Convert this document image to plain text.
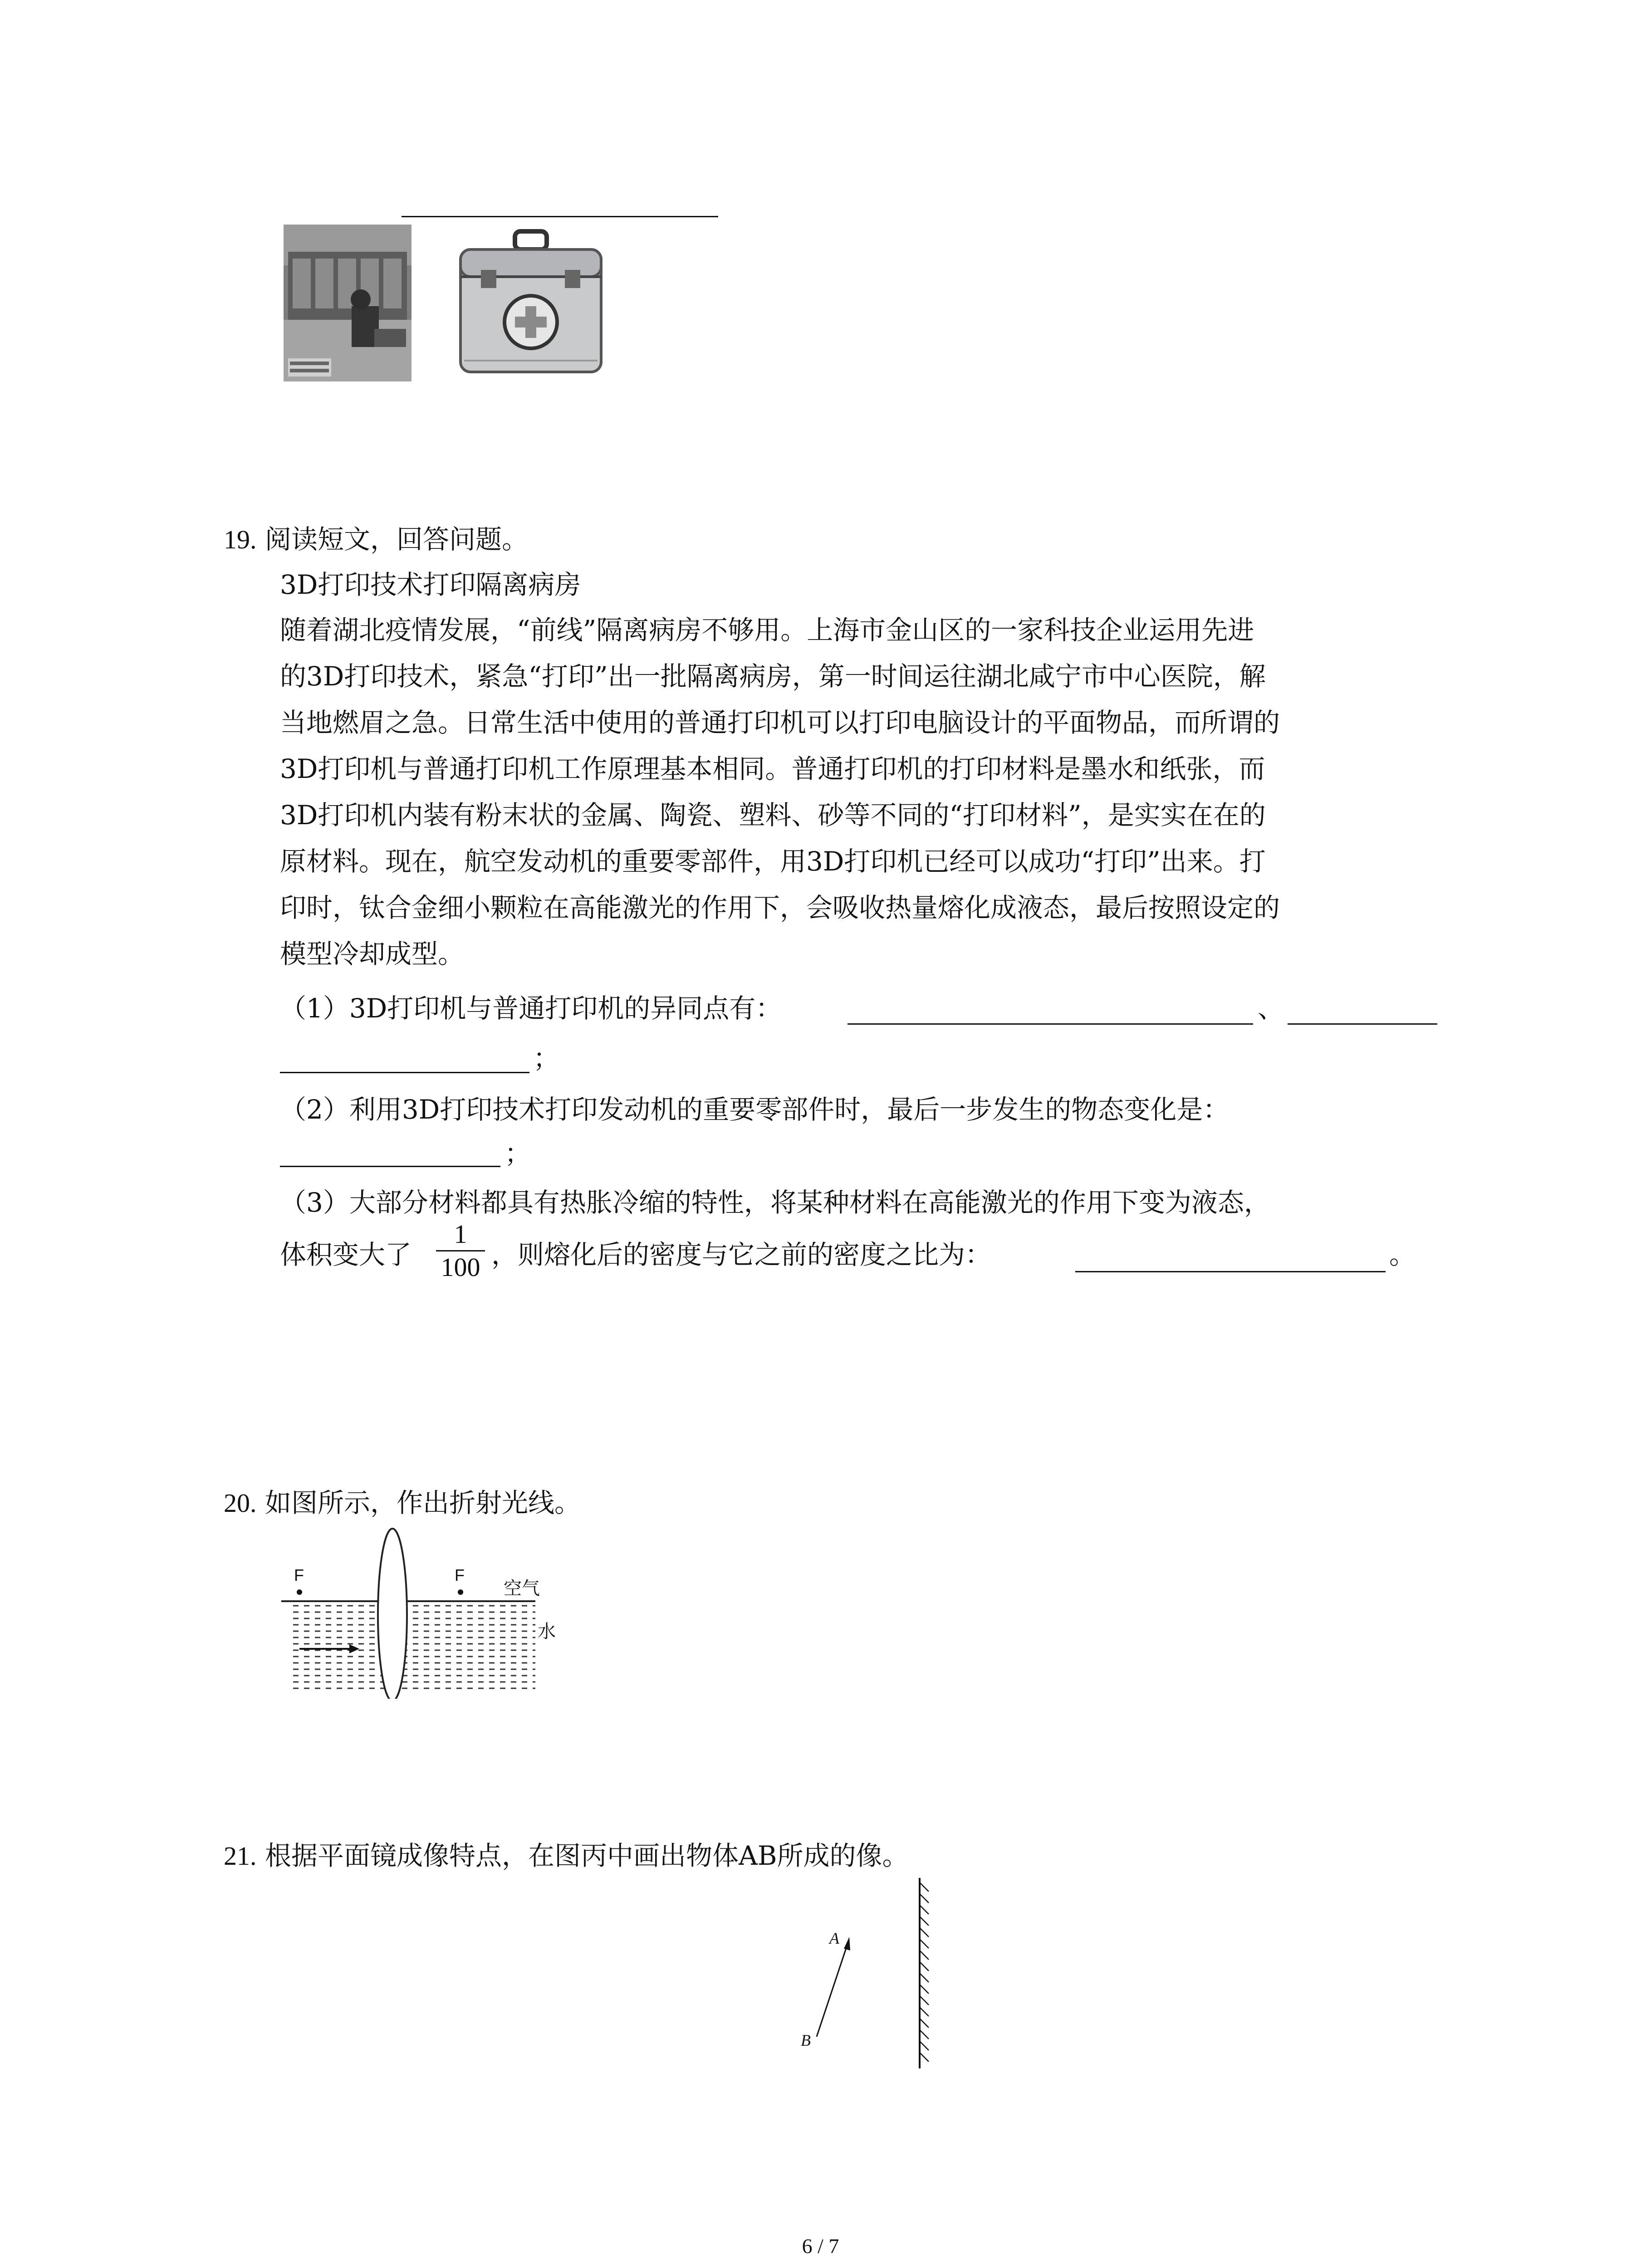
19. 阅读短文，回答问题。
3D打印技术打印隔离病房
随着湖北疫情发展，“前线”隔离病房不够用。上海市金山区的一家科技企业运用先进
的3D打印技术，紧急“打印”出一批隔离病房，第一时间运往湖北咸宁市中心医院，解
当地燃眉之急。日常生活中使用的普通打印机可以打印电脑设计的平面物品，而所谓的
3D打印机与普通打印机工作原理基本相同。普通打印机的打印材料是墨水和纸张，而
3D打印机内装有粉末状的金属、陶瓷、塑料、砂等不同的“打印材料”，是实实在在的
原材料。现在，航空发动机的重要零部件，用3D打印机已经可以成功“打印”出来。打
印时，钛合金细小颗粒在高能激光的作用下，会吸收热量熔化成液态，最后按照设定的
模型冷却成型。
（1）3D打印机与普通打印机的异同点有：	、
；
（2）利用3D打印技术打印发动机的重要零部件时，最后一步发生的物态变化是：
；
（3）大部分材料都具有热胀冷缩的特性，将某种材料在高能激光的作用下变为液态，
体积变大了
1
100 ，则熔化后的密度与它之前的密度之比为：	。
20. 如图所示，作出折射光线。
F	F
空气
水
21. 根据平面镜成像特点，在图丙中画出物体AB所成的像。
A
B
6 / 7
